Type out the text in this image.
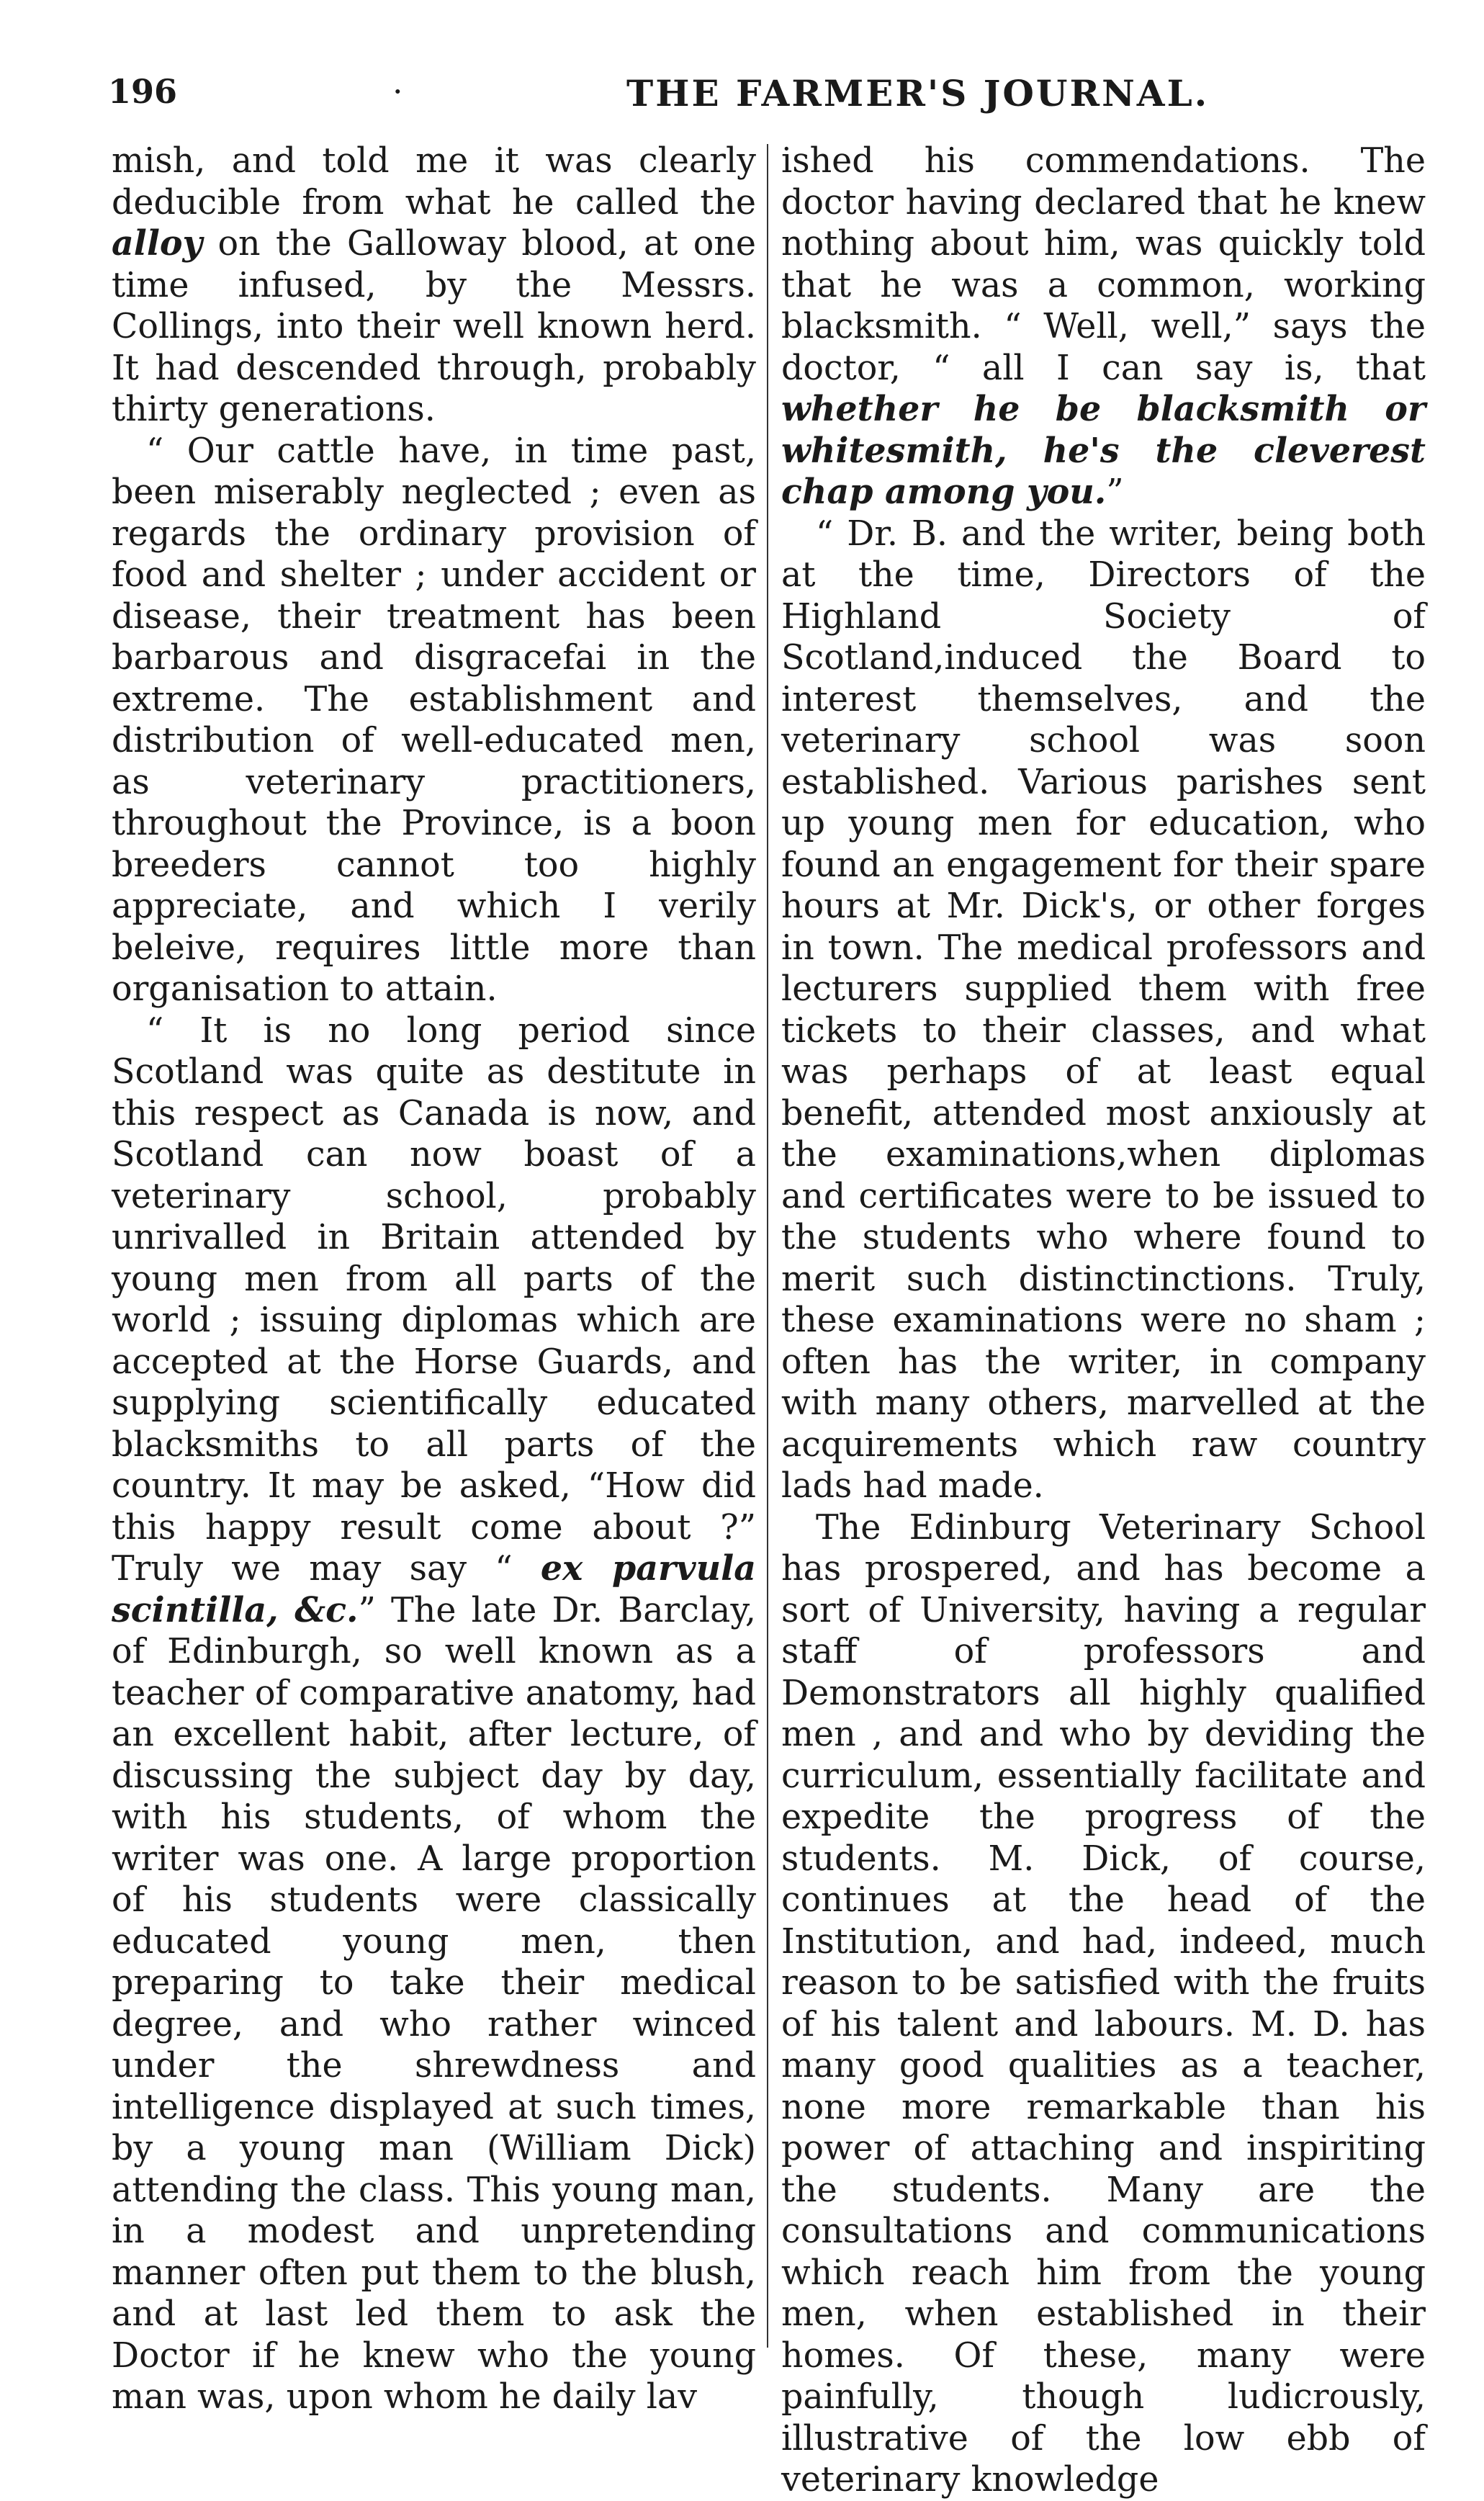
196	·	THE FARMER'S JOURNAL.

mish, and told me it was clearly deducible from what he called the alloy on the Galloway blood, at one time infused, by the Messrs. Collings, into their well known herd. It had descended through, probably thirty generations.

“ Our cattle have, in time past, been miserably neglected ; even as regards the ordinary provision of food and shelter ; under accident or disease, their treatment has been barbarous and disgracefai in the extreme. The establishment and distribution of well-educated men, as veterinary practitioners, throughout the Province, is a boon breeders cannot too highly appreciate, and which I verily beleive, requires little more than organisation to attain.

“ It is no long period since Scotland was quite as destitute in this respect as Canada is now, and Scotland can now boast of a veterinary school, probably unrivalled in Britain attended by young men from all parts of the world ; issuing diplomas which are accepted at the Horse Guards, and supplying scientifically educated blacksmiths to all parts of the country. It may be asked, “How did this happy result come about ?” Truly we may say “ ex parvula scintilla, &c.” The late Dr. Barclay, of Edinburgh, so well known as a teacher of comparative anatomy, had an excellent habit, after lecture, of discussing the subject day by day, with his students, of whom the writer was one. A large proportion of his students were classically educated young men, then preparing to take their medical degree, and who rather winced under the shrewdness and intelligence displayed at such times, by a young man (William Dick) attending the class. This young man, in a modest and unpretending manner often put them to the blush, and at last led them to ask the Doctor if he knew who the young man was, upon whom he daily lav

ished his commendations. The doctor having declared that he knew nothing about him, was quickly told that he was a common, working blacksmith. “ Well, well,” says the doctor, “ all I can say is, that whether he be blacksmith or whitesmith, he's the cleverest chap among you.”

“ Dr. B. and the writer, being both at the time, Directors of the Highland Society of Scotland,induced the Board to interest themselves, and the veterinary school was soon established. Various parishes sent up young men for education, who found an engagement for their spare hours at Mr. Dick's, or other forges in town. The medical professors and lecturers supplied them with free tickets to their classes, and what was perhaps of at least equal benefit, attended most anxiously at the examinations,when diplomas and certificates were to be issued to the students who where found to merit such distinctinctions. Truly, these examinations were no sham ; often has the writer, in company with many others, marvelled at the acquirements which raw country lads had made.

The Edinburg Veterinary School has prospered, and has become a sort of University, having a regular staff of professors and Demonstrators all highly qualified men , and and who by deviding the curriculum, essentially facilitate and expedite the progress of the students. M. Dick, of course, continues at the head of the Institution, and had, indeed, much reason to be satisfied with the fruits of his talent and labours. M. D. has many good qualities as a teacher, none more remarkable than his power of attaching and inspiriting the students. Many are the consultations and communications which reach him from the young men, when established in their homes. Of these, many were painfully, though ludicrously, illustrative of the low ebb of veterinary knowledge
